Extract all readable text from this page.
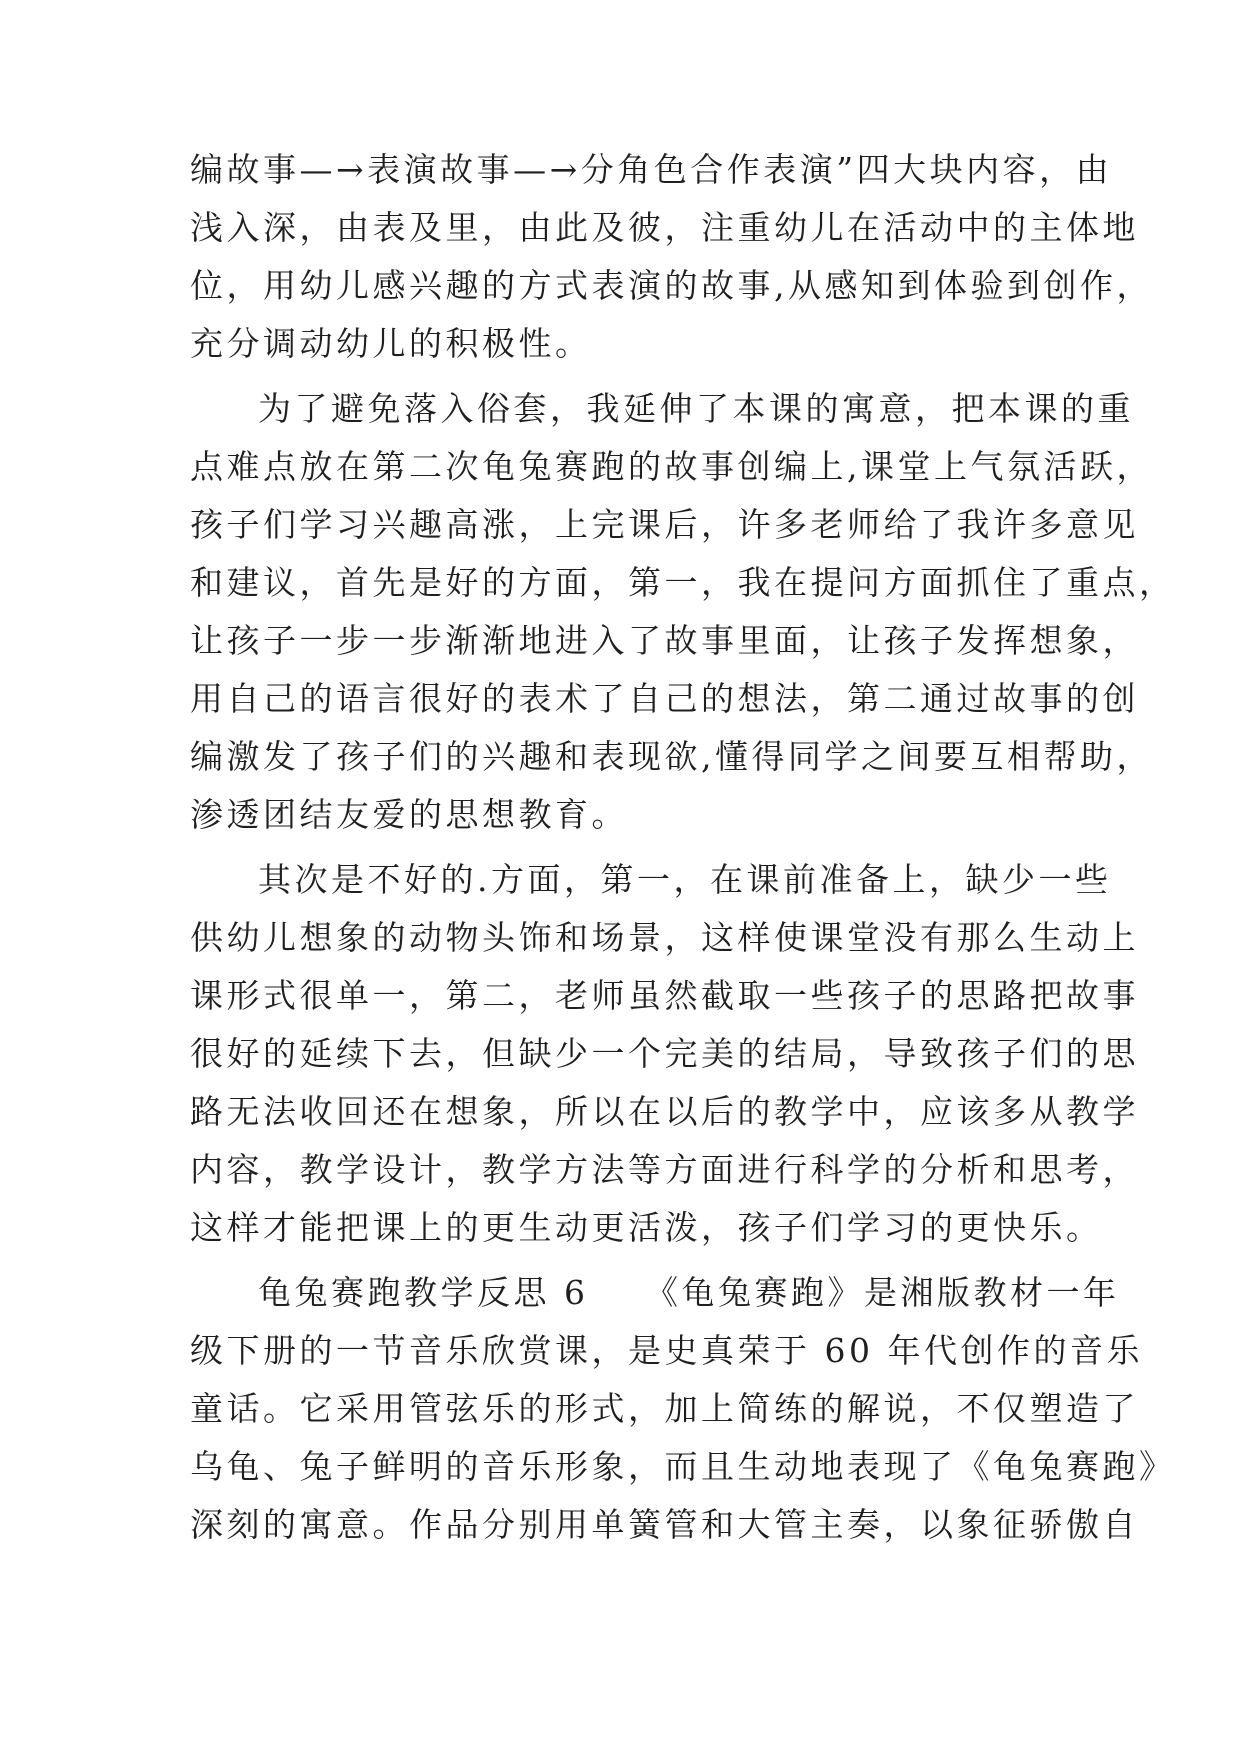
编故事—→表演故事—→分角色合作表演”四大块内容，由
浅入深，由表及里，由此及彼，注重幼儿在活动中的主体地
位，用幼儿感兴趣的方式表演的故事,从感知到体验到创作，
充分调动幼儿的积极性。
为了避免落入俗套，我延伸了本课的寓意，把本课的重
点难点放在第二次龟兔赛跑的故事创编上,课堂上气氛活跃，
孩子们学习兴趣高涨，上完课后，许多老师给了我许多意见
和建议，首先是好的方面，第一，我在提问方面抓住了重点，
让孩子一步一步渐渐地进入了故事里面，让孩子发挥想象，
用自己的语言很好的表术了自己的想法，第二通过故事的创
编激发了孩子们的兴趣和表现欲,懂得同学之间要互相帮助，
渗透团结友爱的思想教育。
其次是不好的.方面，第一，在课前准备上，缺少一些
供幼儿想象的动物头饰和场景，这样使课堂没有那么生动上
课形式很单一，第二，老师虽然截取一些孩子的思路把故事
很好的延续下去，但缺少一个完美的结局，导致孩子们的思
路无法收回还在想象，所以在以后的教学中，应该多从教学
内容，教学设计，教学方法等方面进行科学的分析和思考，
这样才能把课上的更生动更活泼，孩子们学习的更快乐。
龟兔赛跑教学反思 6　　《龟兔赛跑》是湘版教材一年
级下册的一节音乐欣赏课，是史真荣于 60 年代创作的音乐
童话。它采用管弦乐的形式，加上简练的解说，不仅塑造了
乌龟、兔子鲜明的音乐形象，而且生动地表现了《龟兔赛跑》
深刻的寓意。作品分别用单簧管和大管主奏，以象征骄傲自
